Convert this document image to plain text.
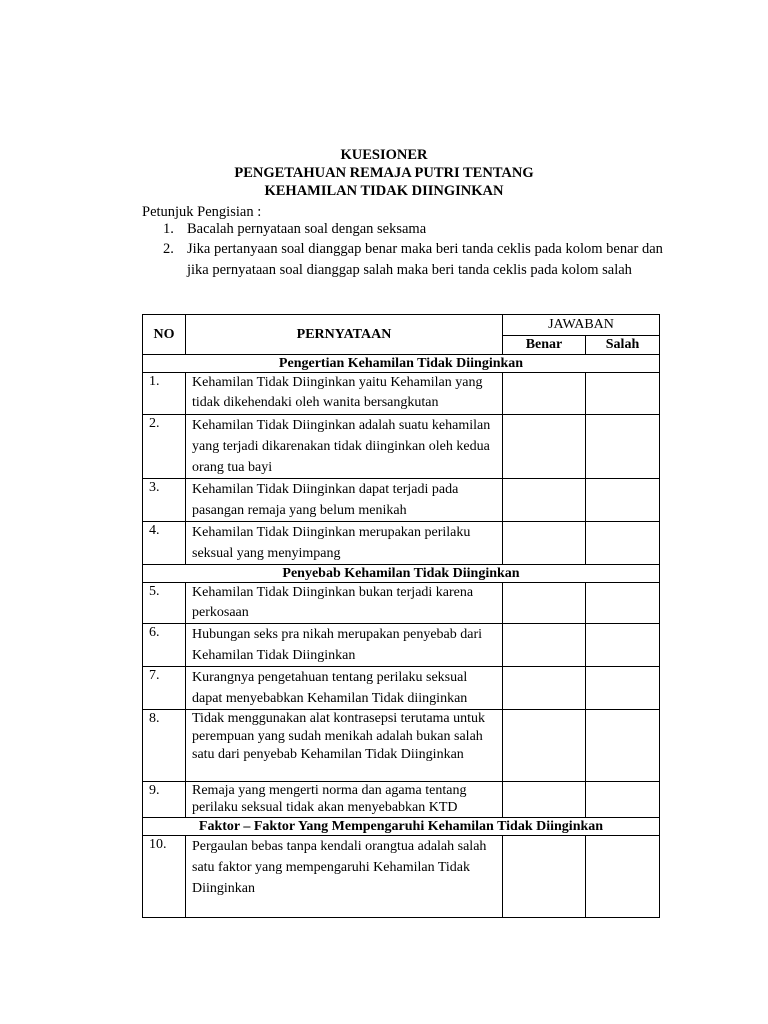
KUESIONER
PENGETAHUAN REMAJA PUTRI TENTANG
KEHAMILAN TIDAK DIINGINKAN
Petunjuk Pengisian :
1. Bacalah pernyataan soal dengan seksama
2. Jika pertanyaan soal dianggap benar maka beri tanda ceklis pada kolom benar dan jika pernyataan soal dianggap salah maka beri tanda ceklis pada kolom salah
NO	PERNYATAAN	JAWABAN	
		Benar	Salah
Pengertian Kehamilan Tidak Diinginkan			
1.	Kehamilan Tidak Diinginkan yaitu Kehamilan yang tidak dikehendaki oleh wanita bersangkutan		
2.	Kehamilan Tidak Diinginkan adalah suatu kehamilan yang terjadi dikarenakan tidak diinginkan oleh kedua orang tua bayi		
3.	Kehamilan Tidak Diinginkan dapat terjadi pada pasangan remaja yang belum menikah		
4.	Kehamilan Tidak Diinginkan merupakan perilaku seksual yang menyimpang		
Penyebab Kehamilan Tidak Diinginkan			
5.	Kehamilan Tidak Diinginkan bukan terjadi karena perkosaan		
6.	Hubungan seks pra nikah merupakan penyebab dari Kehamilan Tidak Diinginkan		
7.	Kurangnya pengetahuan tentang perilaku seksual dapat menyebabkan Kehamilan Tidak diinginkan		
8.	Tidak menggunakan alat kontrasepsi terutama untuk perempuan yang sudah menikah adalah bukan salah satu dari penyebab Kehamilan Tidak Diinginkan		
9.	Remaja yang mengerti norma dan agama tentang perilaku seksual tidak akan menyebabkan KTD		
Faktor – Faktor Yang Mempengaruhi Kehamilan Tidak Diinginkan			
10.	Pergaulan bebas tanpa kendali orangtua adalah salah satu faktor yang mempengaruhi Kehamilan Tidak Diinginkan		
